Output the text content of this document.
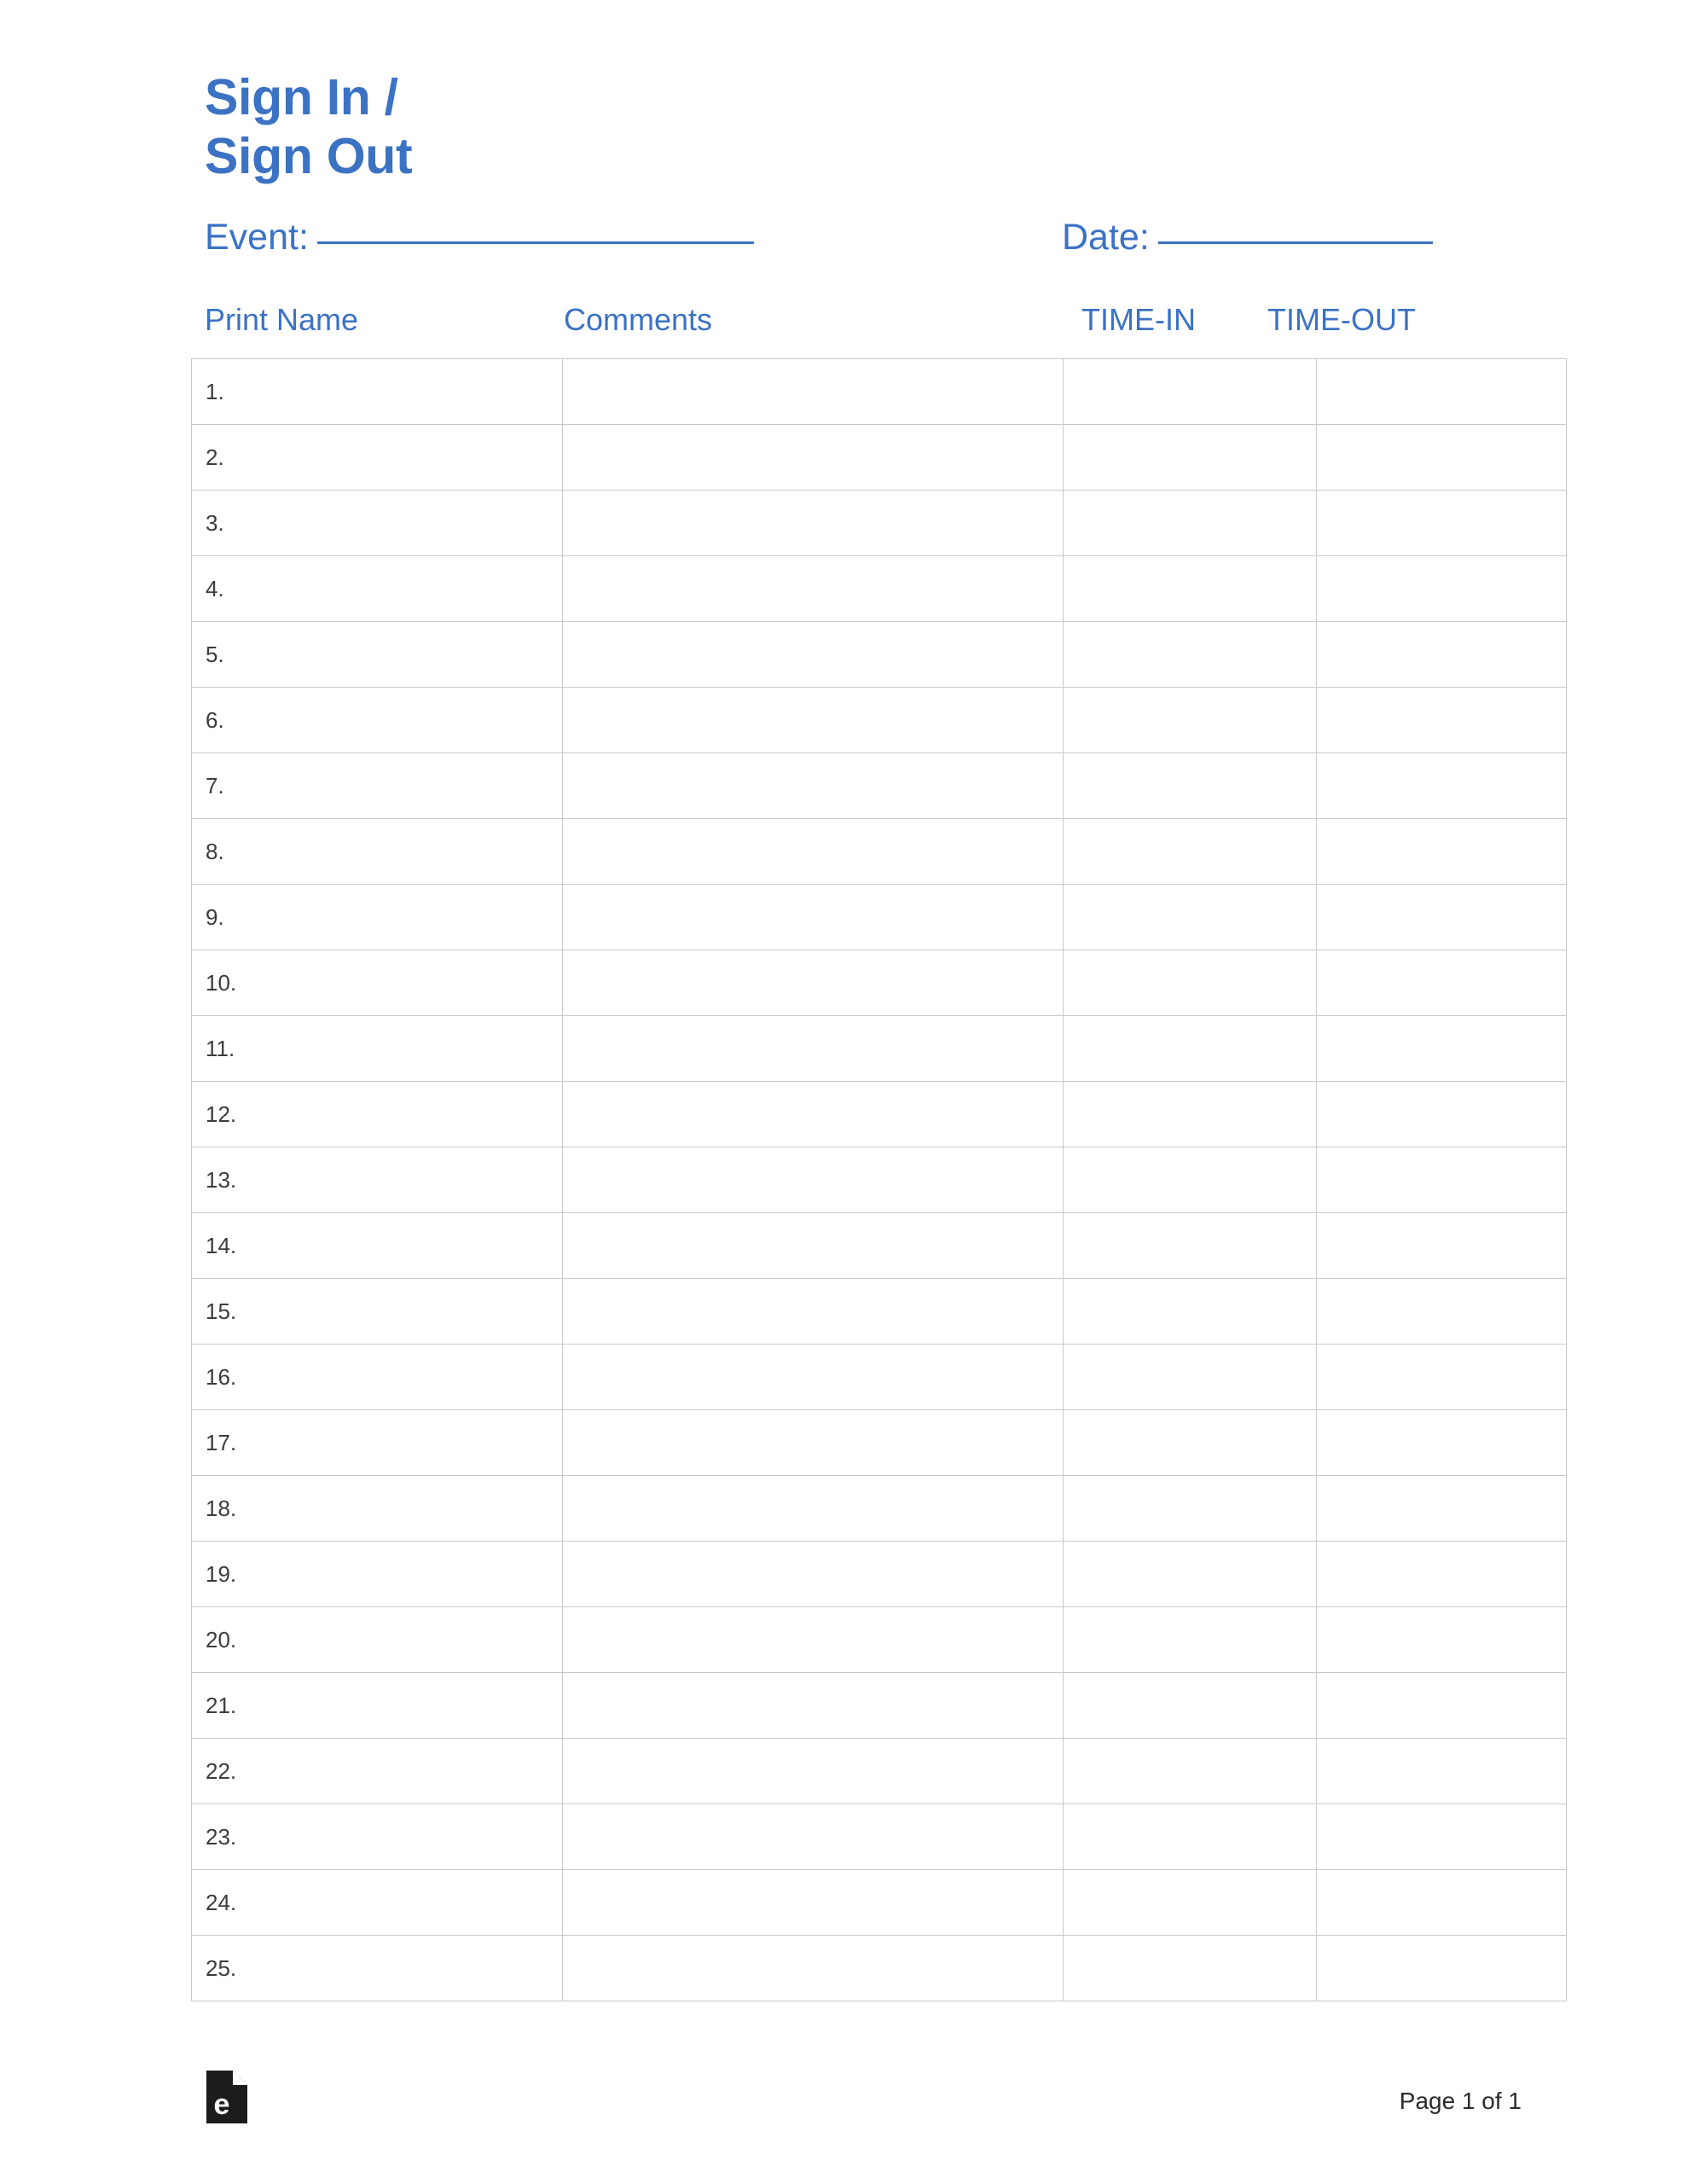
Sign In /
Sign Out
Event:	Date:
Print Name	Comments	TIME-IN TIME-OUT
1.			
2.			
3.			
4.			
5.			
6.			
7.			
8.			
9.			
10.			
11.			
12.			
13.			
14.			
15.			
16.			
17.			
18.			
19.			
20.			
21.			
22.			
23.			
24.			
25.			
e	Page 1 of 1
